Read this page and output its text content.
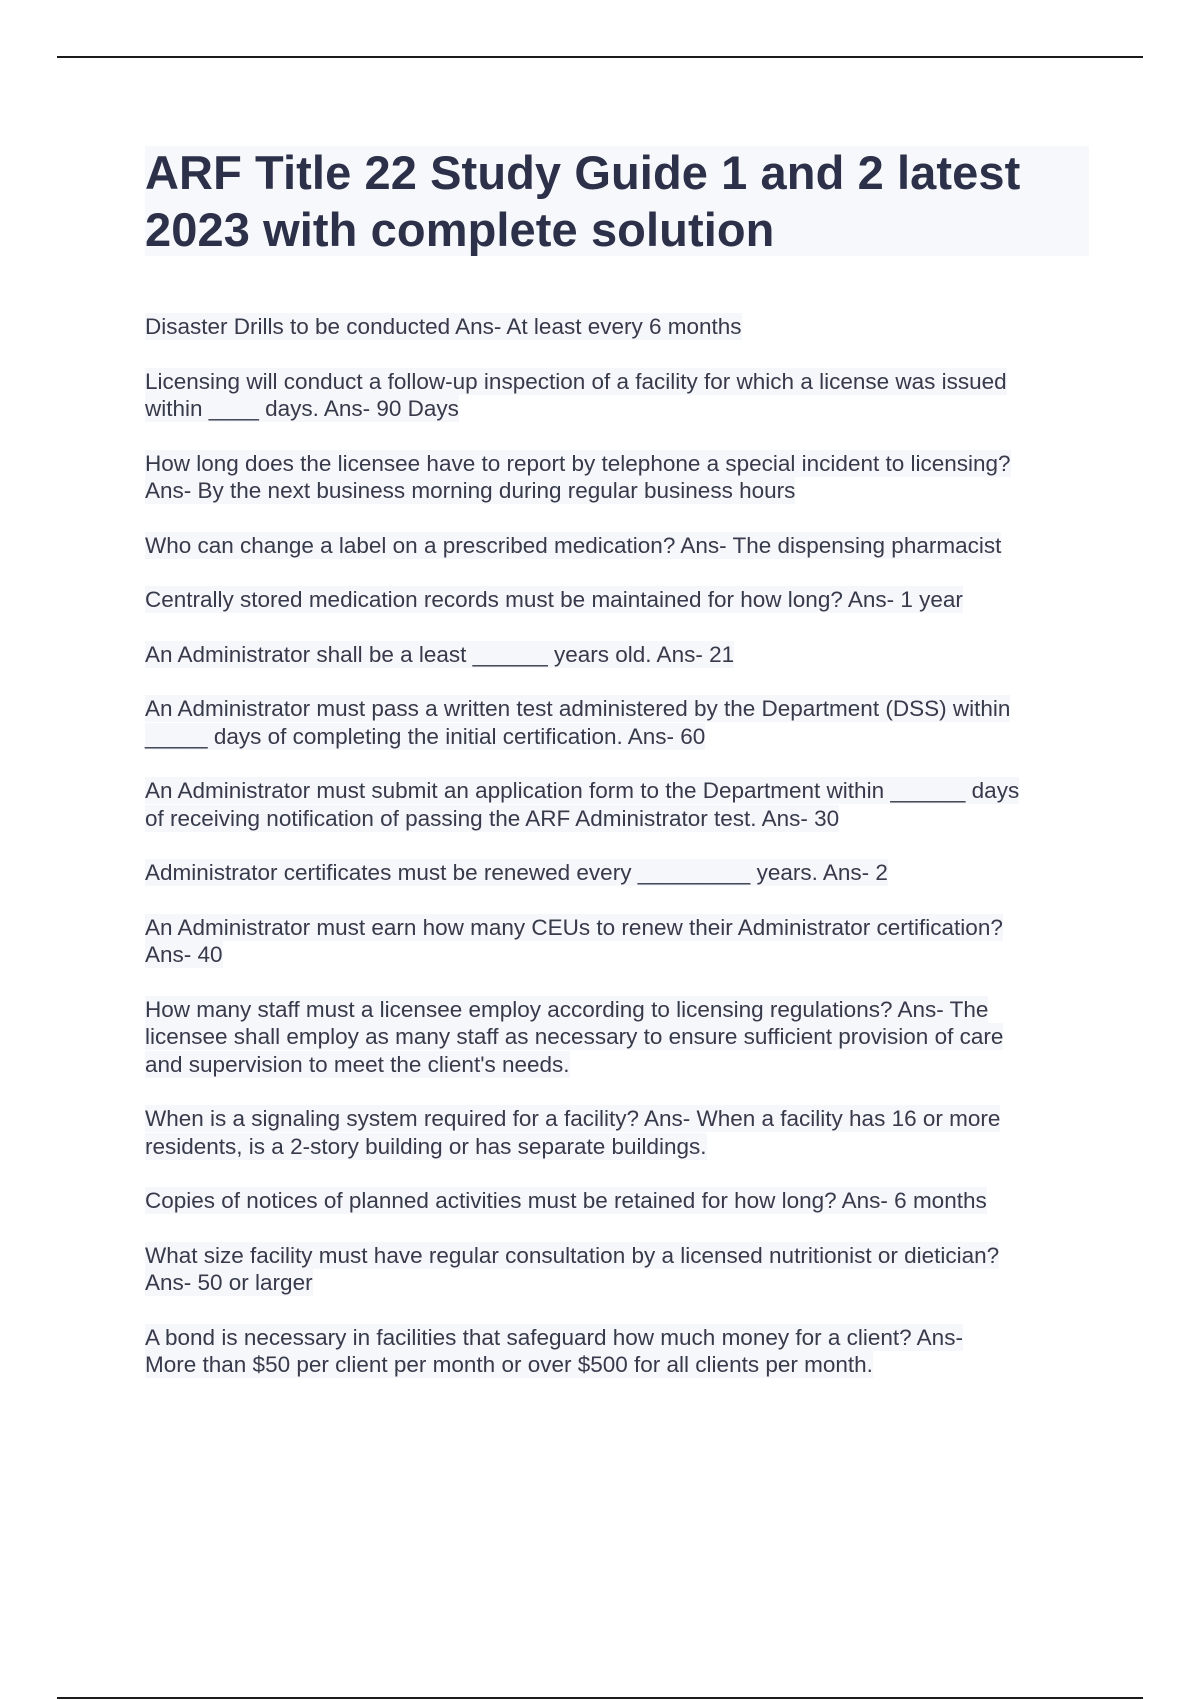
ARF Title 22 Study Guide 1 and 2 latest
2023 with complete solution
Disaster Drills to be conducted Ans- At least every 6 months
Licensing will conduct a follow-up inspection of a facility for which a license was issued
within ____ days. Ans- 90 Days
How long does the licensee have to report by telephone a special incident to licensing?
Ans- By the next business morning during regular business hours
Who can change a label on a prescribed medication? Ans- The dispensing pharmacist
Centrally stored medication records must be maintained for how long? Ans- 1 year
An Administrator shall be a least ______ years old. Ans- 21
An Administrator must pass a written test administered by the Department (DSS) within
_____ days of completing the initial certification. Ans- 60
An Administrator must submit an application form to the Department within ______ days
of receiving notification of passing the ARF Administrator test. Ans- 30
Administrator certificates must be renewed every _________ years. Ans- 2
An Administrator must earn how many CEUs to renew their Administrator certification?
Ans- 40
How many staff must a licensee employ according to licensing regulations? Ans- The
licensee shall employ as many staff as necessary to ensure sufficient provision of care
and supervision to meet the client's needs.
When is a signaling system required for a facility? Ans- When a facility has 16 or more
residents, is a 2-story building or has separate buildings.
Copies of notices of planned activities must be retained for how long? Ans- 6 months
What size facility must have regular consultation by a licensed nutritionist or dietician?
Ans- 50 or larger
A bond is necessary in facilities that safeguard how much money for a client? Ans-
More than $50 per client per month or over $500 for all clients per month.
